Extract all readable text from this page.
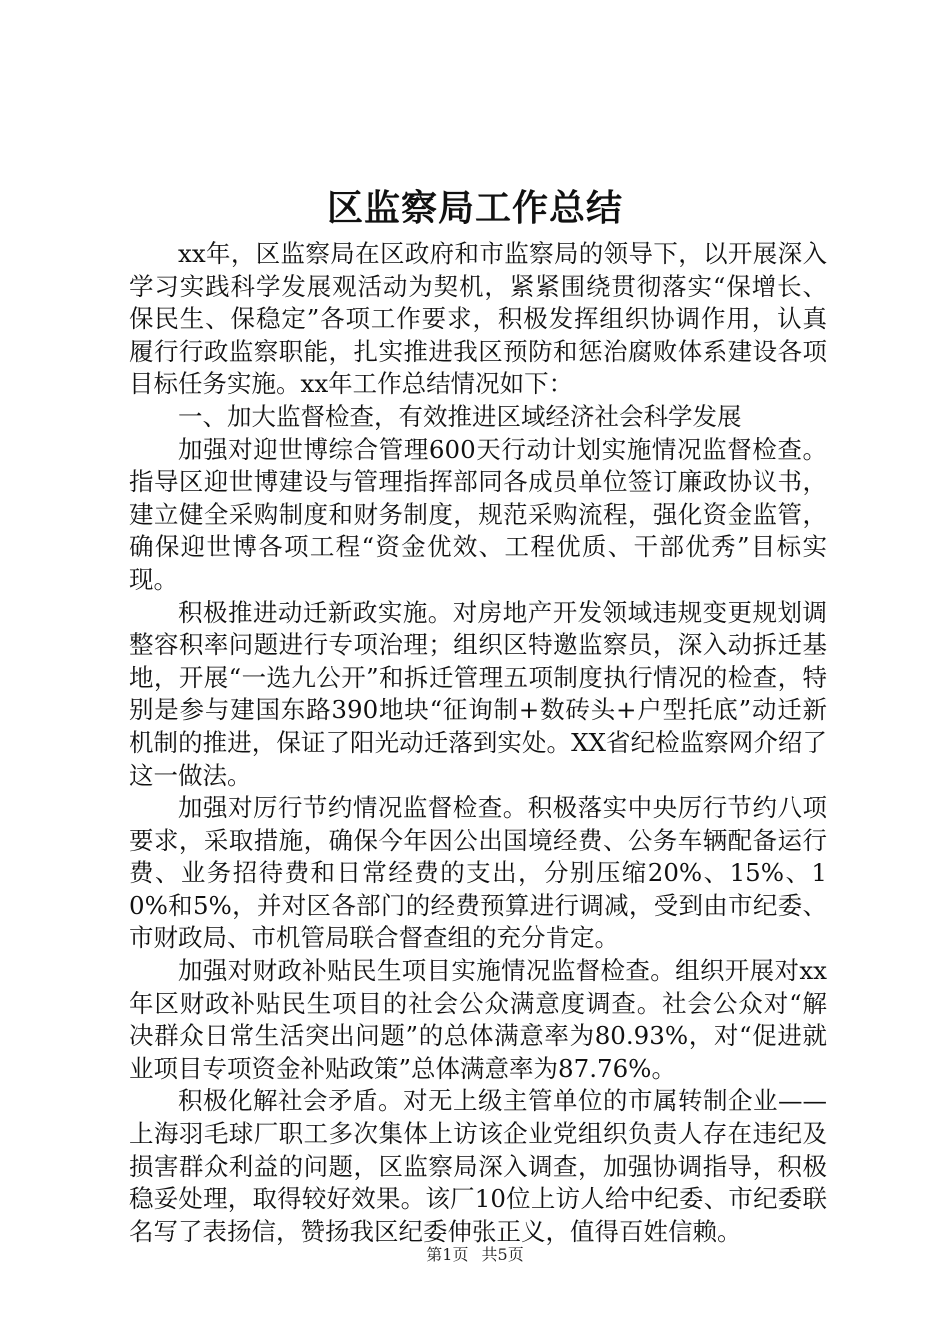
区监察局工作总结

xx年，区监察局在区政府和市监察局的领导下，以开展深入学习实践科学发展观活动为契机，紧紧围绕贯彻落实“保增长、保民生、保稳定”各项工作要求，积极发挥组织协调作用，认真履行行政监察职能，扎实推进我区预防和惩治腐败体系建设各项目标任务实施。xx年工作总结情况如下：

一、加大监督检查，有效推进区域经济社会科学发展

加强对迎世博综合管理600天行动计划实施情况监督检查。指导区迎世博建设与管理指挥部同各成员单位签订廉政协议书，建立健全采购制度和财务制度，规范采购流程，强化资金监管，确保迎世博各项工程“资金优效、工程优质、干部优秀”目标实现。

积极推进动迁新政实施。对房地产开发领域违规变更规划调整容积率问题进行专项治理；组织区特邀监察员，深入动拆迁基地，开展“一选九公开”和拆迁管理五项制度执行情况的检查，特别是参与建国东路390地块“征询制+数砖头+户型托底”动迁新机制的推进，保证了阳光动迁落到实处。XX省纪检监察网介绍了这一做法。

加强对厉行节约情况监督检查。积极落实中央厉行节约八项要求，采取措施，确保今年因公出国境经费、公务车辆配备运行费、业务招待费和日常经费的支出，分别压缩20%、15%、10%和5%，并对区各部门的经费预算进行调减，受到由市纪委、市财政局、市机管局联合督查组的充分肯定。

加强对财政补贴民生项目实施情况监督检查。组织开展对xx年区财政补贴民生项目的社会公众满意度调查。社会公众对“解决群众日常生活突出问题”的总体满意率为80.93%，对“促进就业项目专项资金补贴政策”总体满意率为87.76%。

积极化解社会矛盾。对无上级主管单位的市属转制企业——上海羽毛球厂职工多次集体上访该企业党组织负责人存在违纪及损害群众利益的问题，区监察局深入调查，加强协调指导，积极稳妥处理，取得较好效果。该厂10位上访人给中纪委、市纪委联名写了表扬信，赞扬我区纪委伸张正义，值得百姓信赖。

第1页 共5页
